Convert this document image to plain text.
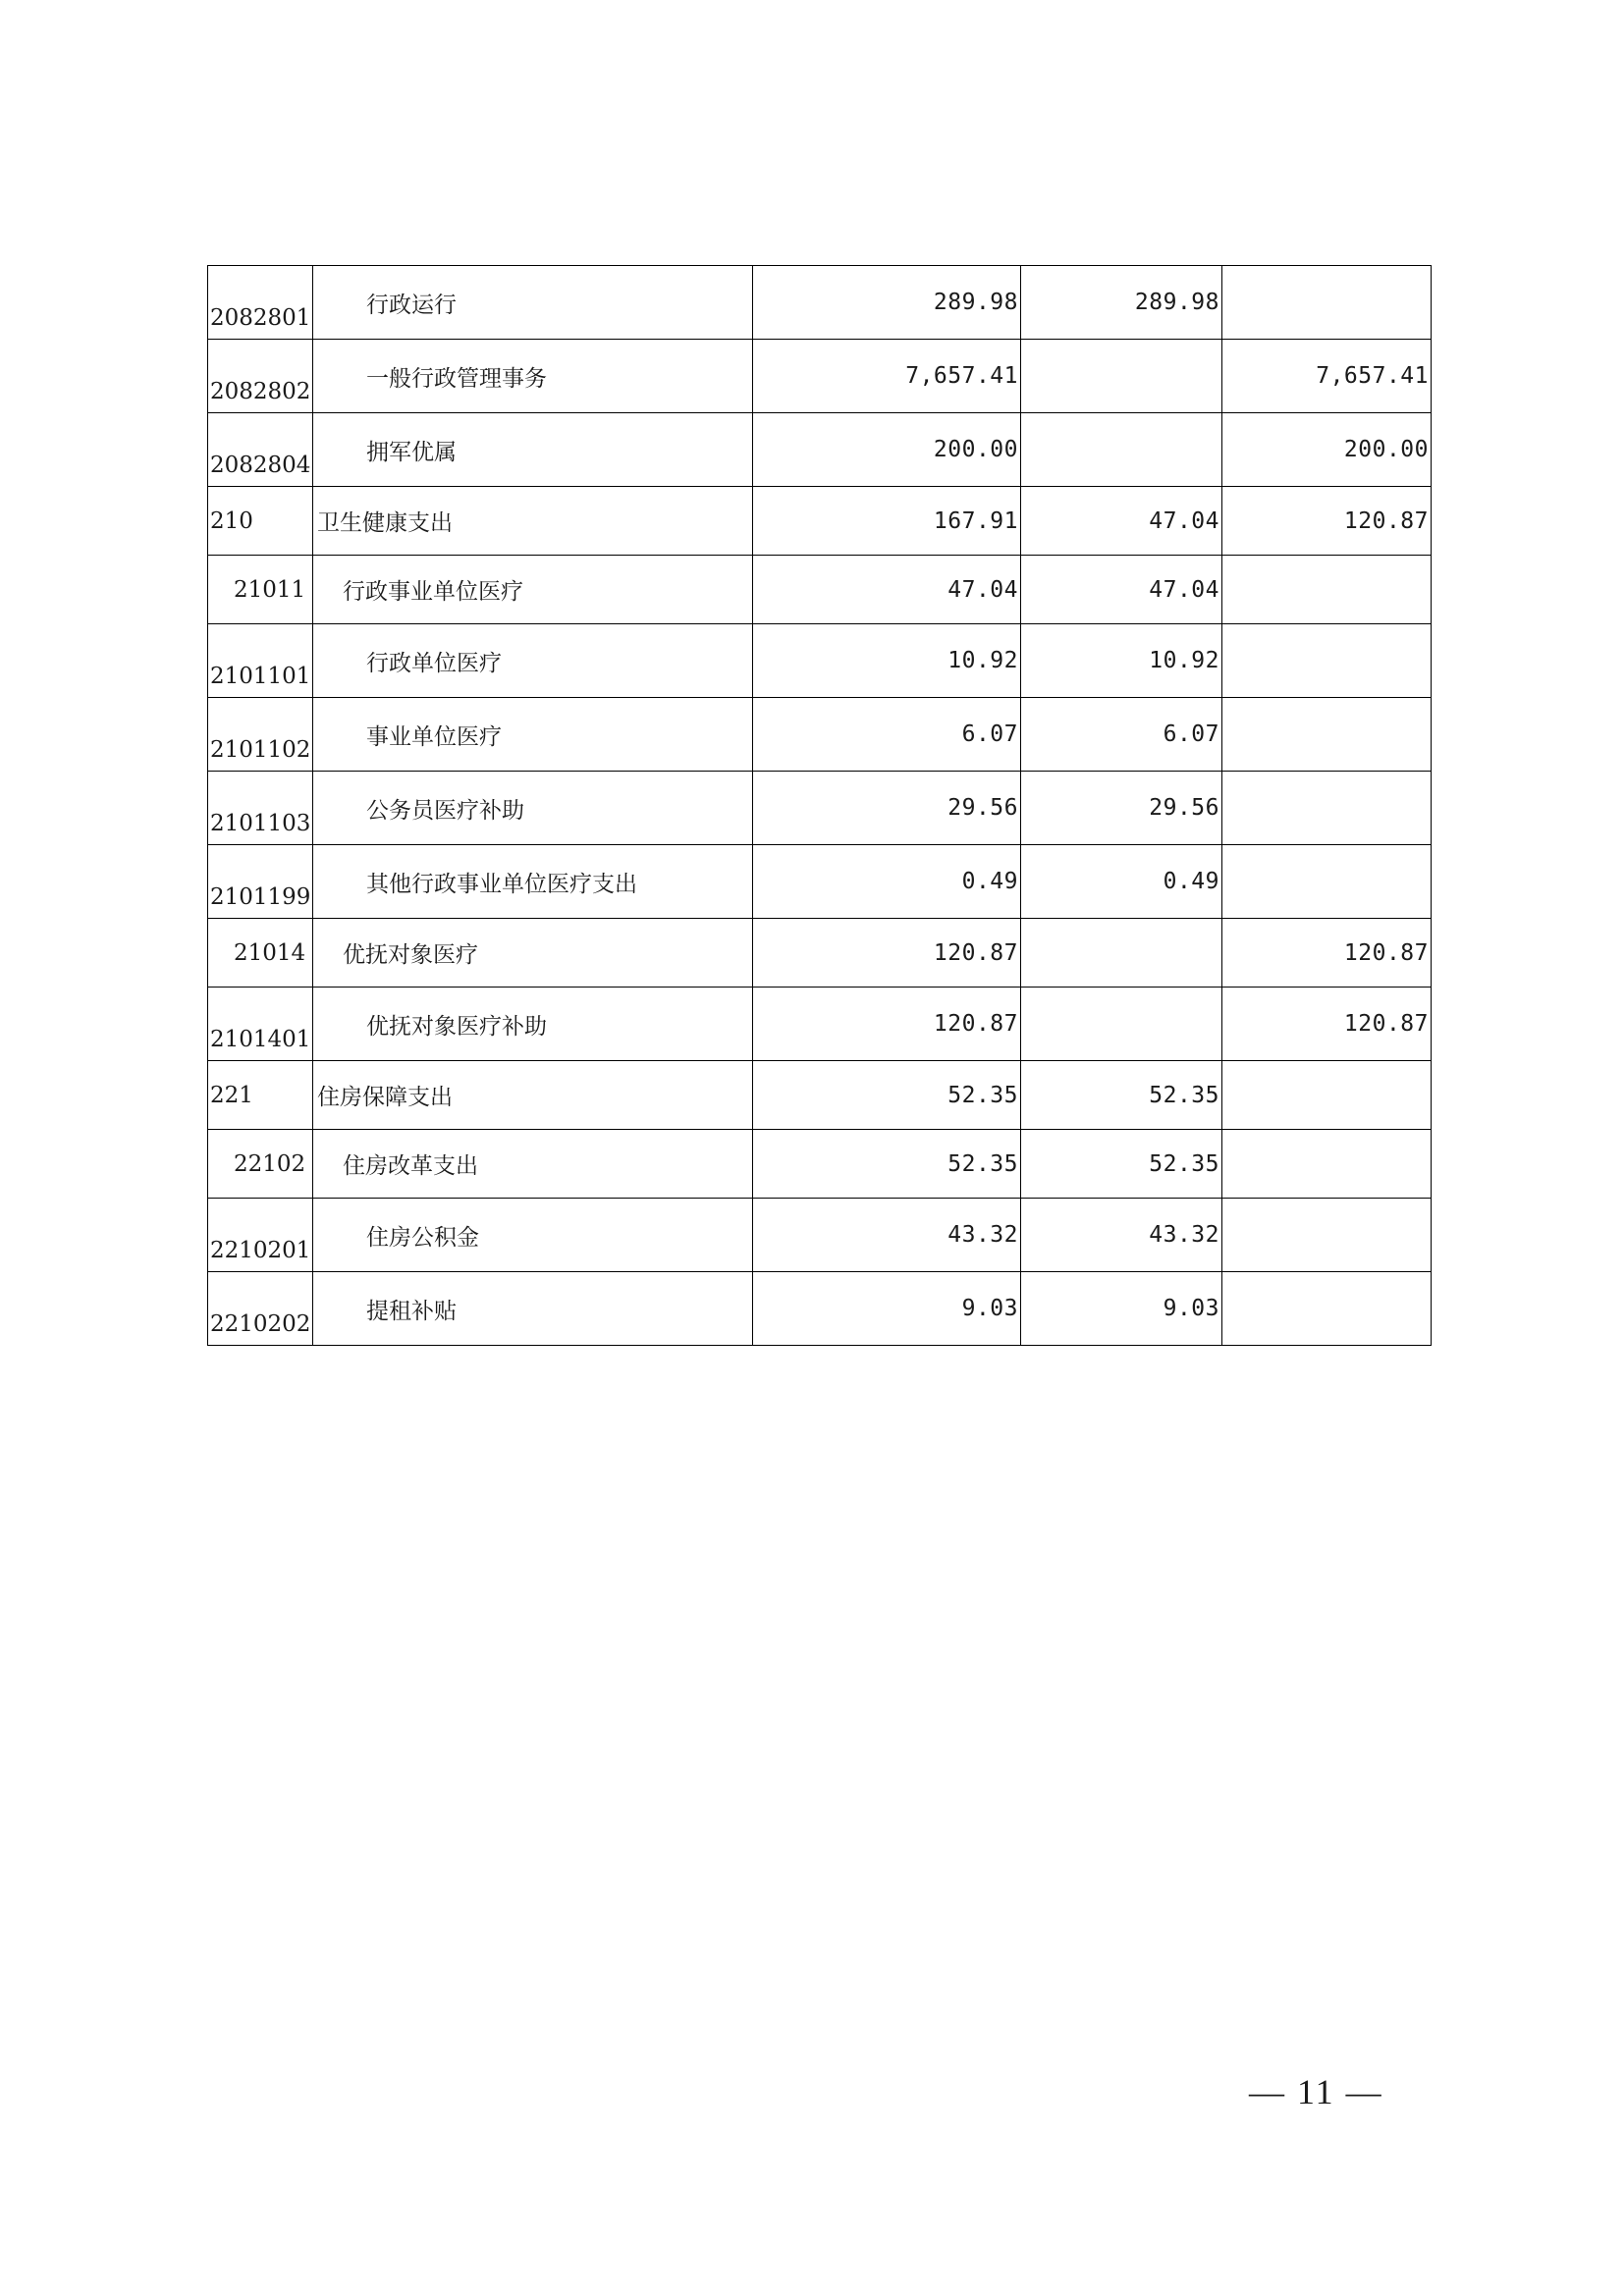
2082801	行政运行	289.98	289.98	
2082802	一般行政管理事务	7,657.41		7,657.41
2082804	拥军优属	200.00		200.00
210	卫生健康支出	167.91	47.04	120.87
21011	行政事业单位医疗	47.04	47.04	
2101101	行政单位医疗	10.92	10.92	
2101102	事业单位医疗	6.07	6.07	
2101103	公务员医疗补助	29.56	29.56	
2101199	其他行政事业单位医疗支出	0.49	0.49	
21014	优抚对象医疗	120.87		120.87
2101401	优抚对象医疗补助	120.87		120.87
221	住房保障支出	52.35	52.35	
22102	住房改革支出	52.35	52.35	
2210201	住房公积金	43.32	43.32	
2210202	提租补贴	9.03	9.03	
— 11 —
